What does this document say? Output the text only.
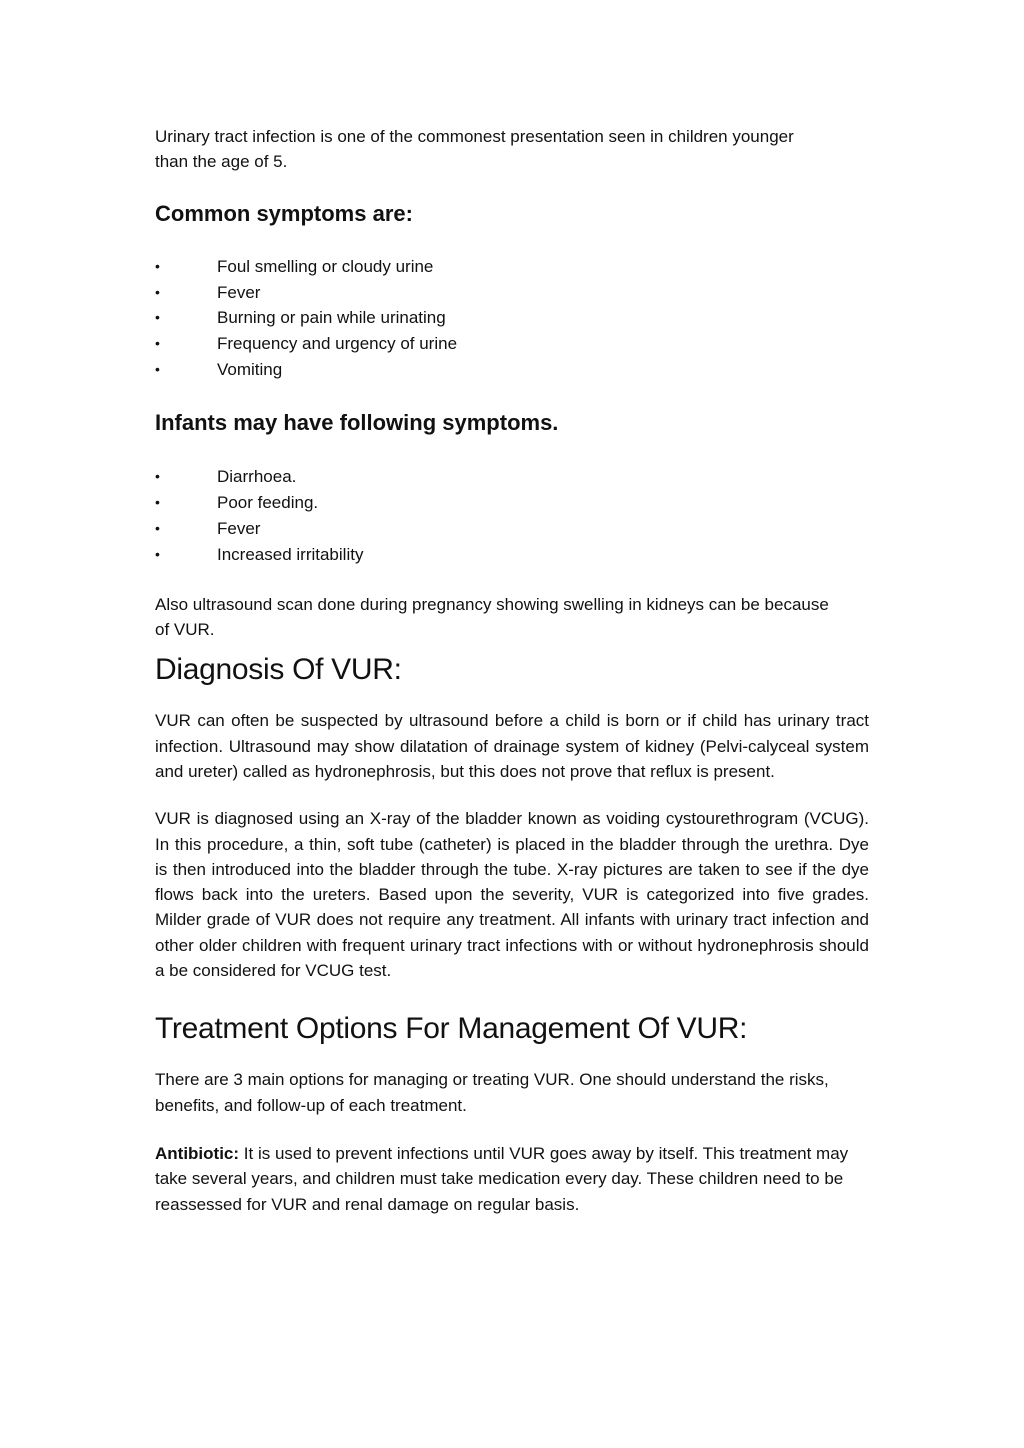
Urinary tract infection is one of the commonest presentation seen in children younger than the age of 5.

Common symptoms are:
•	Foul smelling or cloudy urine
•	Fever
•	Burning or pain while urinating
•	Frequency and urgency of urine
•	Vomiting
Infants may have following symptoms.
•	Diarrhoea.
•	Poor feeding.
•	Fever
•	Increased irritability

Also ultrasound scan done during pregnancy showing swelling in kidneys can be because of VUR.

Diagnosis Of VUR:

VUR can often be suspected by ultrasound before a child is born or if child has urinary tract infection. Ultrasound may show dilatation of drainage system of kidney (Pelvi-calyceal system and ureter) called as hydronephrosis, but this does not prove that reflux is present.

VUR is diagnosed using an X-ray of the bladder known as voiding cystourethrogram (VCUG). In this procedure, a thin, soft tube (catheter) is placed in the bladder through the urethra. Dye is then introduced into the bladder through the tube. X-ray pictures are taken to see if the dye flows back into the ureters. Based upon the severity, VUR is categorized into five grades. Milder grade of VUR does not require any treatment. All infants with urinary tract infection and other older children with frequent urinary tract infections with or without hydronephrosis should a be considered for VCUG test.

Treatment Options For Management Of VUR:

There are 3 main options for managing or treating VUR. One should understand the risks, benefits, and follow-up of each treatment.

Antibiotic: It is used to prevent infections until VUR goes away by itself. This treatment may take several years, and children must take medication every day. These children need to be reassessed for VUR and renal damage on regular basis.
